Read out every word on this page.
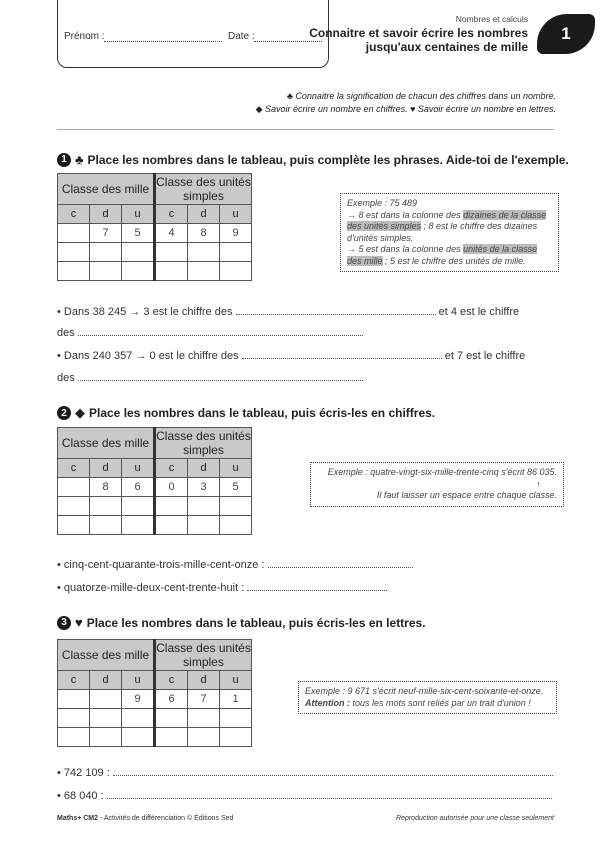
Prénom :	Date :
Nombres et calculs
Connaitre et savoir écrire les nombres
jusqu'aux centaines de mille
1
♣ Connaitre la signification de chacun des chiffres dans un nombre.
◆ Savoir écrire un nombre en chiffres. ♥ Savoir écrire un nombre en lettres.
1 ♣ Place les nombres dans le tableau, puis complète les phrases. Aide-toi de l'exemple.
Classe des mille			Classe des unités simples		
c	d	u	c	d	u
	7	5	4	8	9

Exemple : 75 489
→ 8 est dans la colonne des dizaines de la classe des unités simples ; 8 est le chiffre des dizaines d'unités simples.
→ 5 est dans la colonne des unités de la classe des mille ; 5 est le chiffre des unités de mille.
• Dans 38 245 → 3 est le chiffre des	et 4 est le chiffre
des
• Dans 240 357 → 0 est le chiffre des	et 7 est le chiffre
des
2 ◆ Place les nombres dans le tableau, puis écris-les en chiffres.
Classe des mille			Classe des unités simples		
c	d	u	c	d	u
	8	6	0	3	5

Exemple : quatre-vingt-six-mille-trente-cinq s'écrit 86 035.
↑
Il faut laisser un espace entre chaque classe.
• cinq-cent-quarante-trois-mille-cent-onze :
• quatorze-mille-deux-cent-trente-huit :
3 ♥ Place les nombres dans le tableau, puis écris-les en lettres.
Classe des mille			Classe des unités simples		
c	d	u	c	d	u
		9	6	7	1

Exemple : 9 671 s'écrit neuf-mille-six-cent-soixante-et-onze.
Attention : tous les mots sont reliés par un trait d'union !
• 742 109 :
• 68 040 :
Maths+ CM2 - Activités de différenciation © Éditions Sed	Reproduction autorisée pour une classe seulement
